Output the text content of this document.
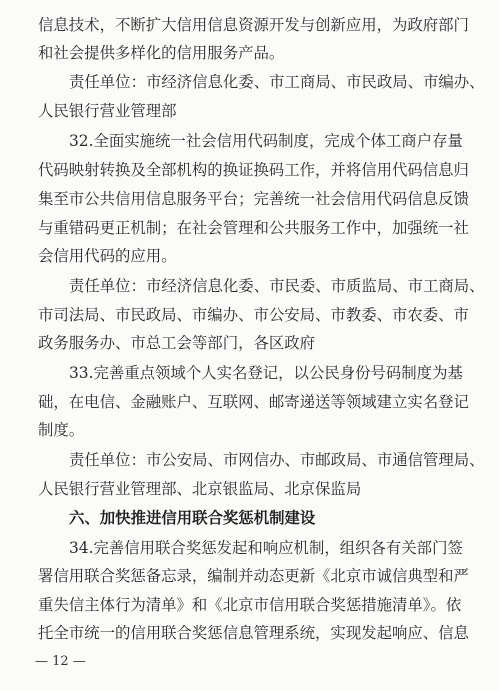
信息技术，不断扩大信用信息资源开发与创新应用，为政府部门
和社会提供多样化的信用服务产品。
责任单位：市经济信息化委、市工商局、市民政局、市编办、
人民银行营业管理部
32.全面实施统一社会信用代码制度，完成个体工商户存量
代码映射转换及全部机构的换证换码工作，并将信用代码信息归
集至市公共信用信息服务平台；完善统一社会信用代码信息反馈
与重错码更正机制；在社会管理和公共服务工作中，加强统一社
会信用代码的应用。
责任单位：市经济信息化委、市民委、市质监局、市工商局、
市司法局、市民政局、市编办、市公安局、市教委、市农委、市
政务服务办、市总工会等部门，各区政府
33.完善重点领域个人实名登记，以公民身份号码制度为基
础，在电信、金融账户、互联网、邮寄递送等领域建立实名登记
制度。
责任单位：市公安局、市网信办、市邮政局、市通信管理局、
人民银行营业管理部、北京银监局、北京保监局
六、加快推进信用联合奖惩机制建设
34.完善信用联合奖惩发起和响应机制，组织各有关部门签
署信用联合奖惩备忘录，编制并动态更新《北京市诚信典型和严
重失信主体行为清单》和《北京市信用联合奖惩措施清单》。依
托全市统一的信用联合奖惩信息管理系统，实现发起响应、信息
— 12 —
